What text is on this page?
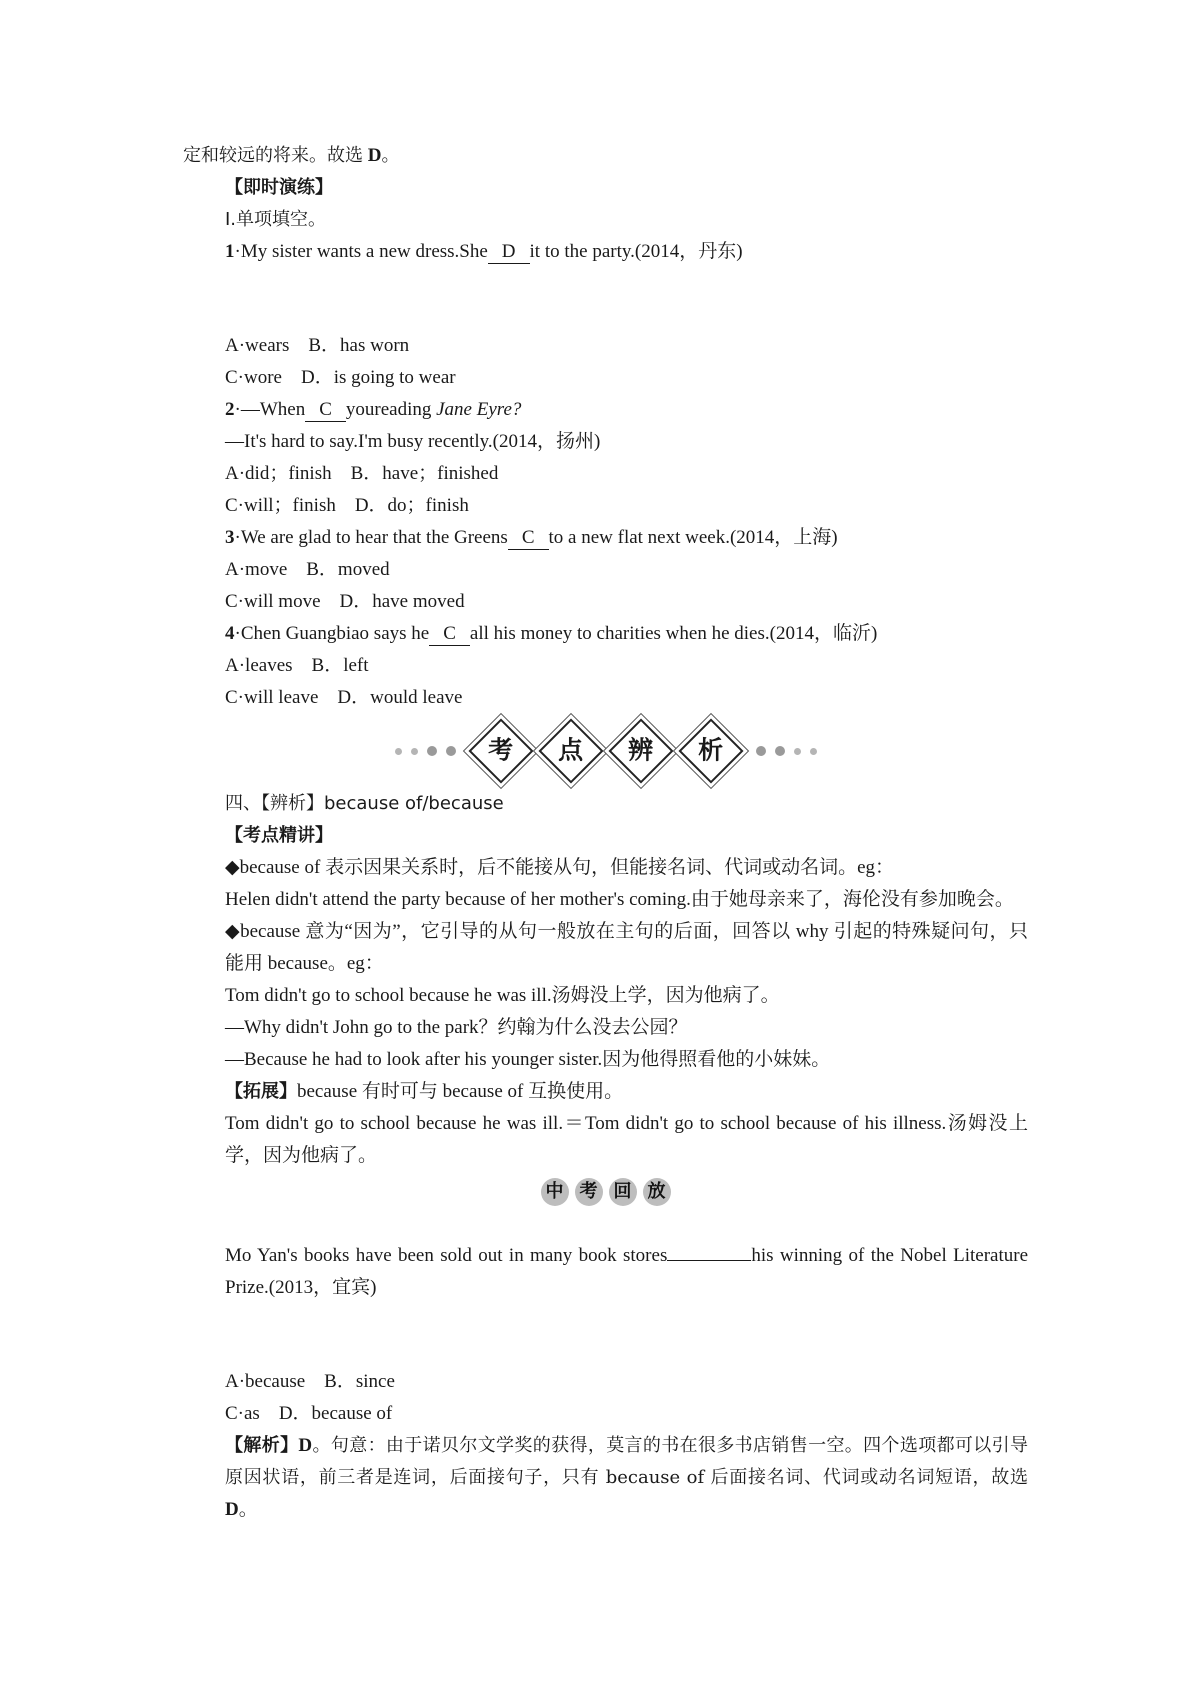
定和较远的将来。故选 D。

【即时演练】

Ⅰ.单项填空。

1·My sister wants a new dress.She D it to the party.(2014，丹东)

A·wears　B．has worn

C·wore　D．is going to wear

2·—When C youreading Jane Eyre?

—It's hard to say.I'm busy recently.(2014，扬州)

A·did；finish　B．have；finished

C·will；finish　D．do；finish

3·We are glad to hear that the Greens C to a new flat next week.(2014，上海)

A·move　B．moved

C·will move　D．have moved

4·Chen Guangbiao says he C all his money to charities when he dies.(2014，临沂)

A·leaves　B．left

C·will leave　D．would leave

考 点 辨 析

四、【辨析】because of/because

【考点精讲】

◆because of 表示因果关系时，后不能接从句，但能接名词、代词或动名词。eg：

Helen didn't attend the party because of her mother's coming.由于她母亲来了，海伦没有参加晚会。

◆because 意为“因为”，它引导的从句一般放在主句的后面，回答以 why 引起的特殊疑问句，只能用 because。eg：

Tom didn't go to school because he was ill.汤姆没上学，因为他病了。

—Why didn't John go to the park？约翰为什么没去公园？

—Because he had to look after his younger sister.因为他得照看他的小妹妹。

【拓展】because 有时可与 because of 互换使用。

Tom didn't go to school because he was ill.＝Tom didn't go to school because of his illness.汤姆没上学，因为他病了。

中 考 回 放

Mo Yan's books have been sold out in many book stores	his winning of the Nobel Literature Prize.(2013，宜宾)

A·because　B．since

C·as　D．because of

【解析】D。句意：由于诺贝尔文学奖的获得，莫言的书在很多书店销售一空。四个选项都可以引导原因状语，前三者是连词，后面接句子，只有 because of 后面接名词、代词或动名词短语，故选 D。
